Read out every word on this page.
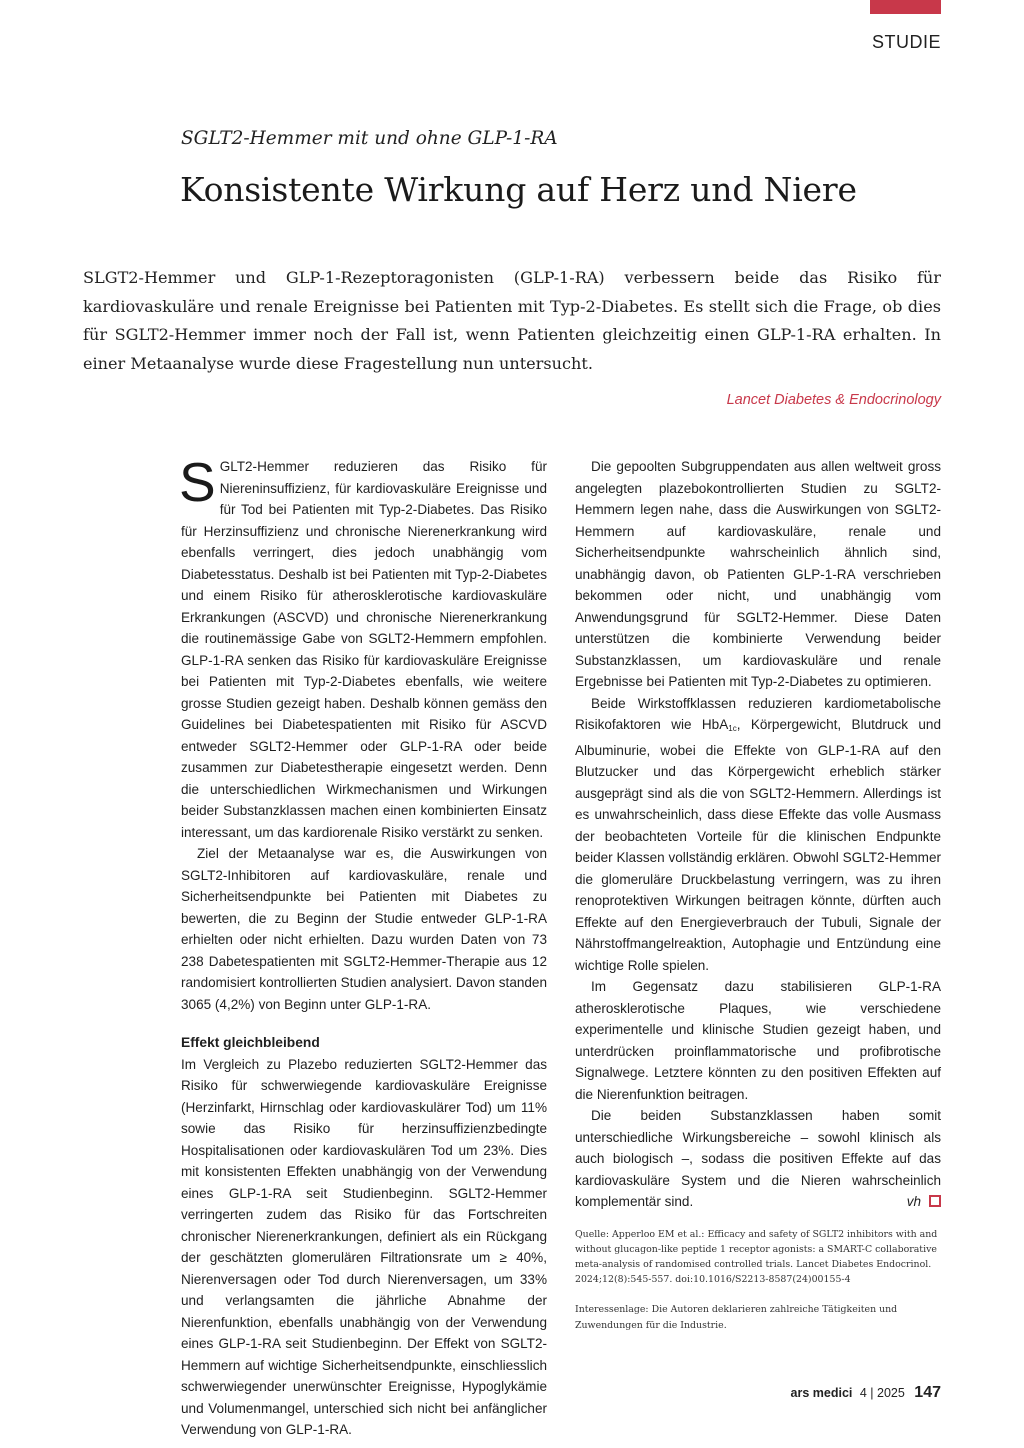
STUDIE
SGLT2-Hemmer mit und ohne GLP-1-RA
Konsistente Wirkung auf Herz und Niere

SLGT2-Hemmer und GLP-1-Rezeptoragonisten (GLP-1-RA) verbessern beide das Risiko für kardiovaskuläre und renale Ereignisse bei Patienten mit Typ-2-Diabetes. Es stellt sich die Frage, ob dies für SGLT2-Hemmer immer noch der Fall ist, wenn Patienten gleichzeitig einen GLP-1-RA erhalten. In einer Metaanalyse wurde diese Fragestellung nun untersucht.

Lancet Diabetes & Endocrinology

SGLT2-Hemmer reduzieren das Risiko für Niereninsuffizienz, für kardiovaskuläre Ereignisse und für Tod bei Patienten mit Typ-2-Diabetes. Das Risiko für Herzinsuffizienz und chronische Nierenerkrankung wird ebenfalls verringert, dies jedoch unabhängig vom Diabetesstatus. Deshalb ist bei Patienten mit Typ-2-Diabetes und einem Risiko für atherosklerotische kardiovaskuläre Erkrankungen (ASCVD) und chronische Nierenerkrankung die routinemässige Gabe von SGLT2-Hemmern empfohlen. GLP-1-RA senken das Risiko für kardiovaskuläre Ereignisse bei Patienten mit Typ-2-Diabetes ebenfalls, wie weitere grosse Studien gezeigt haben. Deshalb können gemäss den Guidelines bei Diabetespatienten mit Risiko für ASCVD entweder SGLT2-Hemmer oder GLP-1-RA oder beide zusammen zur Diabetestherapie eingesetzt werden. Denn die unterschiedlichen Wirkmechanismen und Wirkungen beider Substanzklassen machen einen kombinierten Einsatz interessant, um das kardiorenale Risiko verstärkt zu senken.

Ziel der Metaanalyse war es, die Auswirkungen von SGLT2-Inhibitoren auf kardiovaskuläre, renale und Sicherheitsendpunkte bei Patienten mit Diabetes zu bewerten, die zu Beginn der Studie entweder GLP-1-RA erhielten oder nicht erhielten. Dazu wurden Daten von 73 238 Dabetespatienten mit SGLT2-Hemmer-Therapie aus 12 randomisiert kontrollierten Studien analysiert. Davon standen 3065 (4,2%) von Beginn unter GLP-1-RA.

Effekt gleichbleibend

Im Vergleich zu Plazebo reduzierten SGLT2-Hemmer das Risiko für schwerwiegende kardiovaskuläre Ereignisse (Herzinfarkt, Hirnschlag oder kardiovaskulärer Tod) um 11% sowie das Risiko für herzinsuffizienzbedingte Hospitalisationen oder kardiovaskulären Tod um 23%. Dies mit konsistenten Effekten unabhängig von der Verwendung eines GLP-1-RA seit Studienbeginn. SGLT2-Hemmer verringerten zudem das Risiko für das Fortschreiten chronischer Nierenerkrankungen, definiert als ein Rückgang der geschätzten glomerulären Filtrationsrate um ≥ 40%, Nierenversagen oder Tod durch Nierenversagen, um 33% und verlangsamten die jährliche Abnahme der Nierenfunktion, ebenfalls unabhängig von der Verwendung eines GLP-1-RA seit Studienbeginn. Der Effekt von SGLT2-Hemmern auf wichtige Sicherheitsendpunkte, einschliesslich schwerwiegender unerwünschter Ereignisse, Hypoglykämie und Volumenmangel, unterschied sich nicht bei anfänglicher Verwendung von GLP-1-RA.

Die gepoolten Subgruppendaten aus allen weltweit gross angelegten plazebokontrollierten Studien zu SGLT2-Hemmern legen nahe, dass die Auswirkungen von SGLT2-Hemmern auf kardiovaskuläre, renale und Sicherheitsendpunkte wahrscheinlich ähnlich sind, unabhängig davon, ob Patienten GLP-1-RA verschrieben bekommen oder nicht, und unabhängig vom Anwendungsgrund für SGLT2-Hemmer. Diese Daten unterstützen die kombinierte Verwendung beider Substanzklassen, um kardiovaskuläre und renale Ergebnisse bei Patienten mit Typ-2-Diabetes zu optimieren.

Beide Wirkstoffklassen reduzieren kardiometabolische Risikofaktoren wie HbA$_{1c}$, Körpergewicht, Blutdruck und Albuminurie, wobei die Effekte von GLP-1-RA auf den Blutzucker und das Körpergewicht erheblich stärker ausgeprägt sind als die von SGLT2-Hemmern. Allerdings ist es unwahrscheinlich, dass diese Effekte das volle Ausmass der beobachteten Vorteile für die klinischen Endpunkte beider Klassen vollständig erklären. Obwohl SGLT2-Hemmer die glomeruläre Druckbelastung verringern, was zu ihren renoprotektiven Wirkungen beitragen könnte, dürften auch Effekte auf den Energieverbrauch der Tubuli, Signale der Nährstoffmangelreaktion, Autophagie und Entzündung eine wichtige Rolle spielen.

Im Gegensatz dazu stabilisieren GLP-1-RA atherosklerotische Plaques, wie verschiedene experimentelle und klinische Studien gezeigt haben, und unterdrücken proinflammatorische und profibrotische Signalwege. Letztere könnten zu den positiven Effekten auf die Nierenfunktion beitragen.

Die beiden Substanzklassen haben somit unterschiedliche Wirkungsbereiche – sowohl klinisch als auch biologisch –, sodass die positiven Effekte auf das kardiovaskuläre System und die Nieren wahrscheinlich komplementär sind.	vh

Quelle: Apperloo EM et al.: Efficacy and safety of SGLT2 inhibitors with and without glucagon-like peptide 1 receptor agonists: a SMART-C collaborative meta-analysis of randomised controlled trials. Lancet Diabetes Endocrinol. 2024;12(8):545-557. doi:10.1016/S2213-8587(24)00155-4

Interessenlage: Die Autoren deklarieren zahlreiche Tätigkeiten und Zuwendungen für die Industrie.

ars medici 4 | 2025 147
